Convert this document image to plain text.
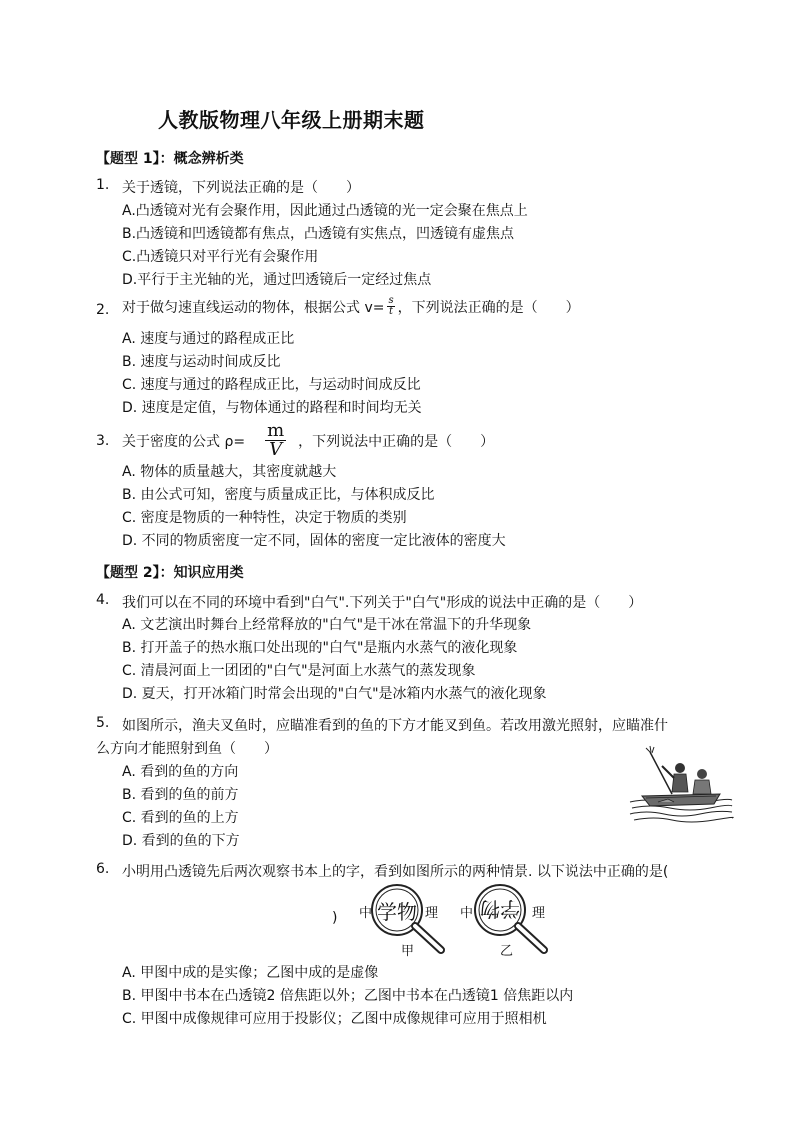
人教版物理八年级上册期末题
【题型 1】：概念辨析类
1. 关于透镜，下列说法正确的是（　　）
A.凸透镜对光有会聚作用，因此通过凸透镜的光一定会聚在焦点上
B.凸透镜和凹透镜都有焦点，凸透镜有实焦点，凹透镜有虚焦点
C.凸透镜只对平行光有会聚作用
D.平行于主光轴的光，通过凹透镜后一定经过焦点
2. 对于做匀速直线运动的物体，根据公式 $v= \frac{s}{t}$ ，下列说法正确的是（　　）
A. 速度与通过的路程成正比
B. 速度与运动时间成反比
C. 速度与通过的路程成正比，与运动时间成反比
D. 速度是定值，与物体通过的路程和时间均无关
3. 关于密度的公式 $\rho= \frac{m}{V}$ ，下列说法中正确的是（　　）
A. 物体的质量越大，其密度就越大
B. 由公式可知，密度与质量成正比，与体积成反比
C. 密度是物质的一种特性，决定于物质的类别
D. 不同的物质密度一定不同，固体的密度一定比液体的密度大
【题型 2】：知识应用类
4. 我们可以在不同的环境中看到"白气".下列关于"白气"形成的说法中正确的是（　　）
A. 文艺演出时舞台上经常释放的"白气"是干冰在常温下的升华现象
B. 打开盖子的热水瓶口处出现的"白气"是瓶内水蒸气的液化现象
C. 清晨河面上一团团的"白气"是河面上水蒸气的蒸发现象
D. 夏天，打开冰箱门时常会出现的"白气"是冰箱内水蒸气的液化现象
5. 如图所示，渔夫叉鱼时，应瞄准看到的鱼的下方才能叉到鱼。若改用激光照射，应瞄准什
么方向才能照射到鱼（　　）
A. 看到的鱼的方向
B. 看到的鱼的前方
C. 看到的鱼的上方
D. 看到的鱼的下方
6. 小明用凸透镜先后两次观察书本上的字，看到如图所示的两种情景. 以下说法中正确的是(
) 中 学物 理
甲
中 学物 理
乙
A. 甲图中成的是实像；乙图中成的是虚像
B. 甲图中书本在凸透镜2 倍焦距以外；乙图中书本在凸透镜1 倍焦距以内
C. 甲图中成像规律可应用于投影仪；乙图中成像规律可应用于照相机
